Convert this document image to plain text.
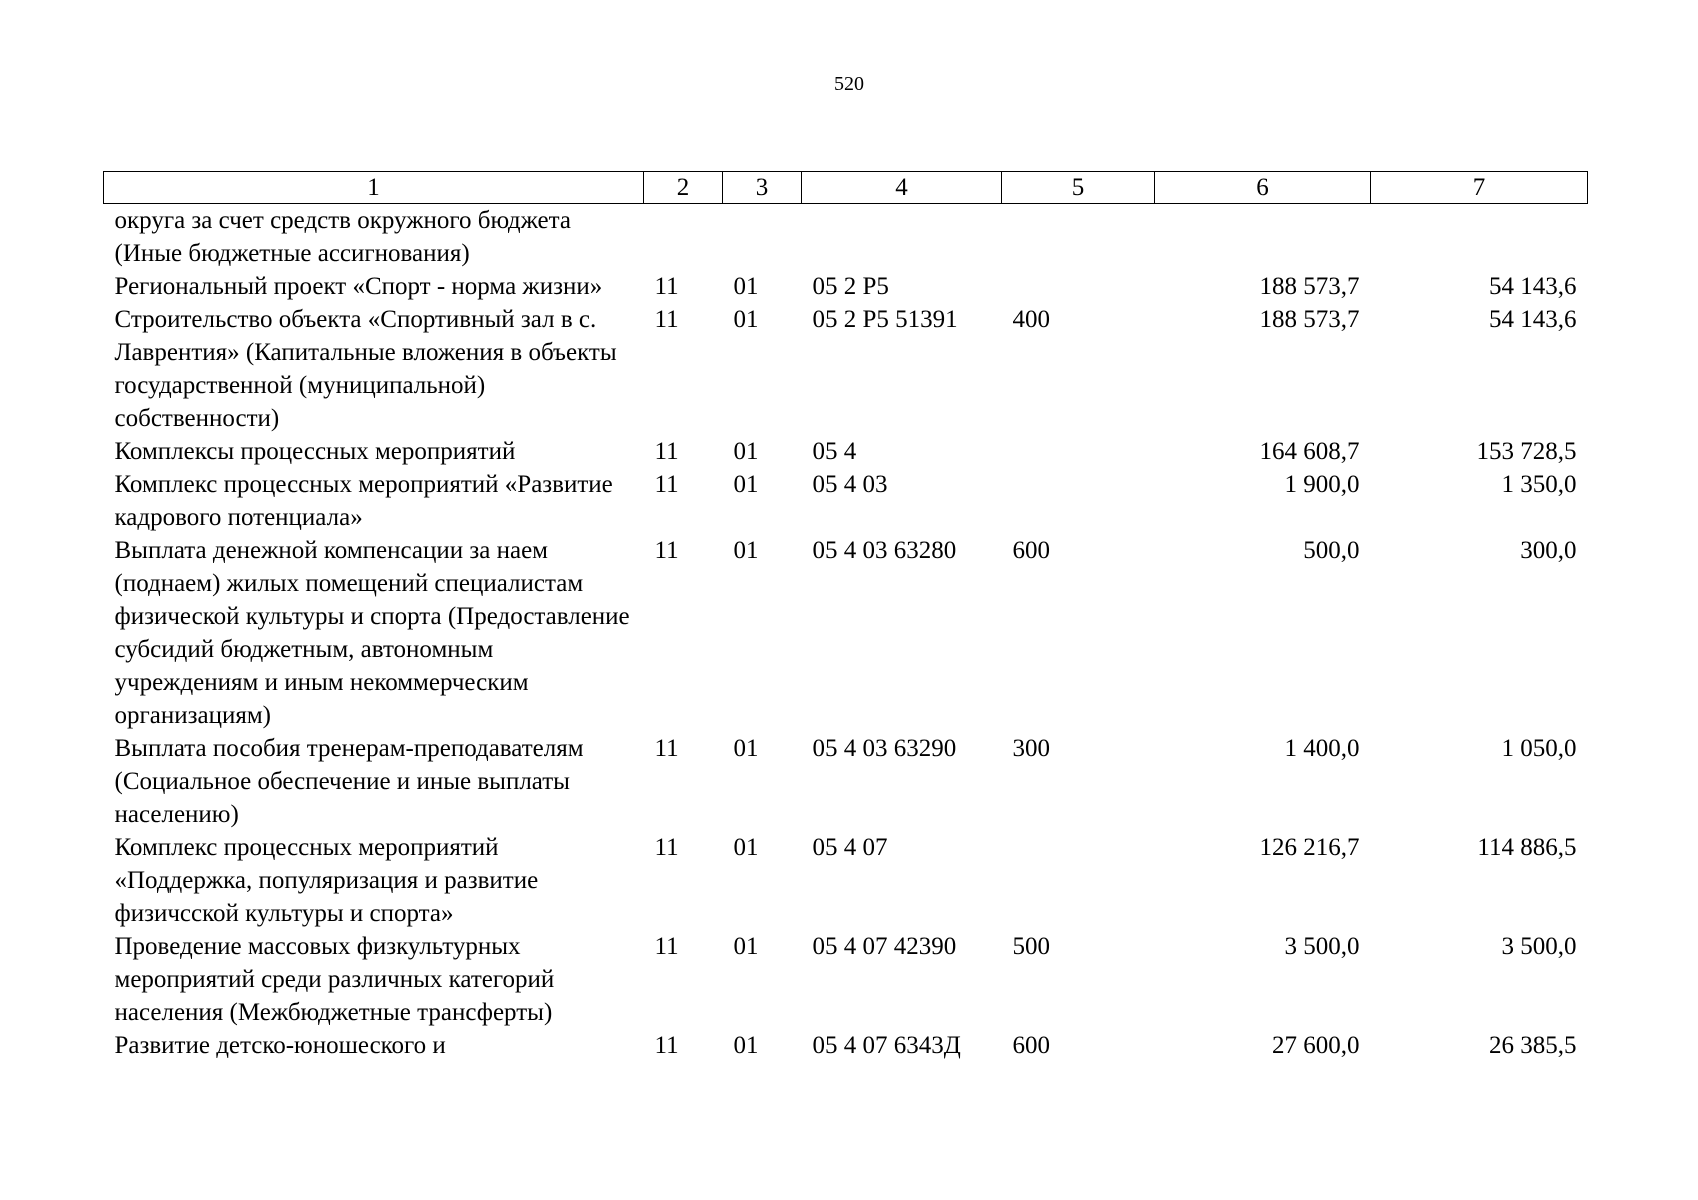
520
1	2	3	4	5	6	7
округа за счет средств окружного бюджета (Иные бюджетные ассигнования)						
Региональный проект «Спорт - норма жизни»	11	01	05 2 P5		188 573,7	54 143,6
Строительство объекта «Спортивный зал в с. Лаврентия» (Капитальные вложения в объекты государственной (муниципальной) собственности)	11	01	05 2 P5 51391	400	188 573,7	54 143,6
Комплексы процессных мероприятий	11	01	05 4		164 608,7	153 728,5
Комплекс процессных мероприятий «Развитие кадрового потенциала»	11	01	05 4 03		1 900,0	1 350,0
Выплата денежной компенсации за наем (поднаем) жилых помещений специалистам физической культуры и спорта (Предоставление субсидий бюджетным, автономным учреждениям и иным некоммерческим организациям)	11	01	05 4 03 63280	600	500,0	300,0
Выплата пособия тренерам-преподавателям (Социальное обеспечение и иные выплаты населению)	11	01	05 4 03 63290	300	1 400,0	1 050,0
Комплекс процессных мероприятий «Поддержка, популяризация и развитие физичсской культуры и спорта»	11	01	05 4 07		126 216,7	114 886,5
Проведение массовых физкультурных мероприятий среди различных категорий населения (Межбюджетные трансферты)	11	01	05 4 07 42390	500	3 500,0	3 500,0
Развитие детско-юношеского и	11	01	05 4 07 6343Д	600	27 600,0	26 385,5
